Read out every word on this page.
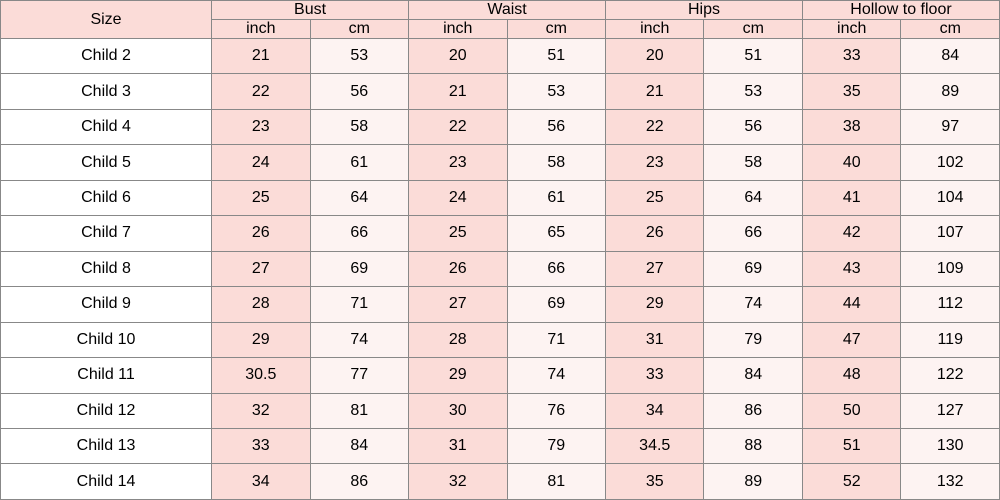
Size	Bust		Waist		Hips		Hollow to floor	
	inch	cm	inch	cm	inch	cm	inch	cm
Child 2	21	53	20	51	20	51	33	84
Child 3	22	56	21	53	21	53	35	89
Child 4	23	58	22	56	22	56	38	97
Child 5	24	61	23	58	23	58	40	102
Child 6	25	64	24	61	25	64	41	104
Child 7	26	66	25	65	26	66	42	107
Child 8	27	69	26	66	27	69	43	109
Child 9	28	71	27	69	29	74	44	112
Child 10	29	74	28	71	31	79	47	119
Child 11	30.5	77	29	74	33	84	48	122
Child 12	32	81	30	76	34	86	50	127
Child 13	33	84	31	79	34.5	88	51	130
Child 14	34	86	32	81	35	89	52	132
